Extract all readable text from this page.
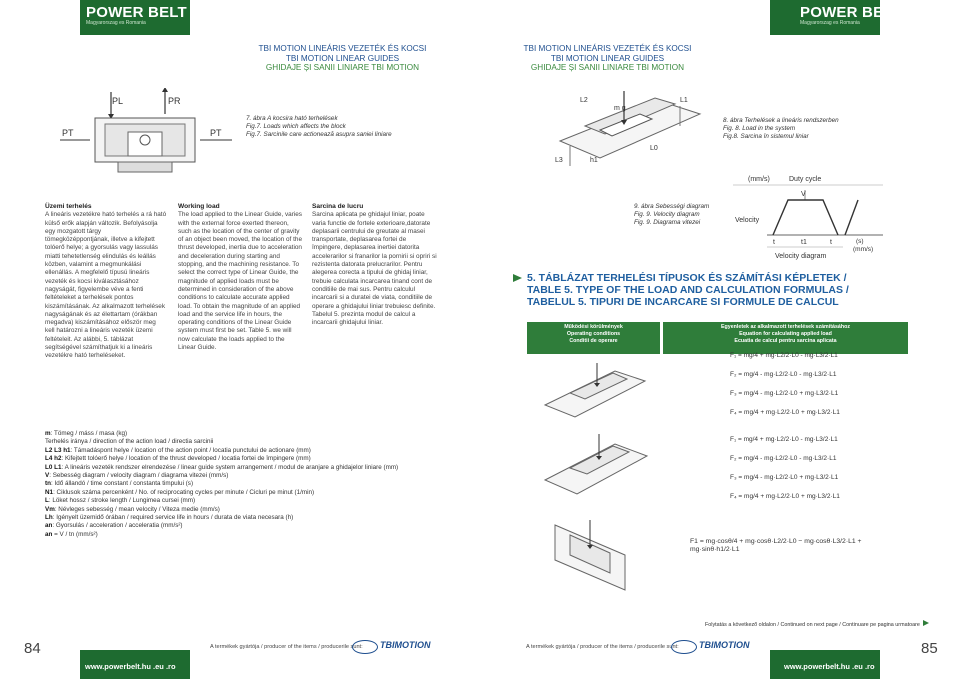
POWER BELT
Magyarorszag es Romania
POWER BELT
Magyarorszag es Romania
TBI MOTION LINEÁRIS VEZETÉK ÉS KOCSI
TBI MOTION LINEAR GUIDES
GHIDAJE ȘI SANII LINIARE TBI MOTION
TBI MOTION LINEÁRIS VEZETÉK ÉS KOCSI
TBI MOTION LINEAR GUIDES
GHIDAJE ȘI SANII LINIARE TBI MOTION
PL	PR
PT	PT
7. ábra A kocsira ható terhelések
Fig.7. Loads which affects the block
Fig.7. Sarcinile care actionează asupra saniei liniare
m g
L2	L1
L0
L3	h1
8. ábra Terhelések a lineáris rendszerben
Fig. 8. Load in the system
Fig.8. Sarcina în sistemul liniar
Üzemi terhelés
A lineáris vezetékre ható terhelés a rá ható külső erők alapján változik. Befolyásolja egy mozgatott tárgy tömegközéppontjának, illetve a kifejtett tolóerő helye; a gyorsulás vagy lassulás miatti tehetetlenség elindulás és leállás közben, valamint a megmunkálási ellenállás. A megfelelő típusú lineáris vezeték és kocsi kiválasztásához nagyságát, figyelembe véve a fenti feltételeket a terhelések pontos kiszámításának. Az alkalmazott terhelések nagyságának és az élettartam (órákban megadva) kiszámításához először meg kell határozni a lineáris vezeték üzemi feltételeit. Az alábbi, 5. táblázat segítségével számíthatjuk ki a lineáris vezetékre ható terheléseket.
Working load
The load applied to the Linear Guide, varies with the external force exerted thereon, such as the location of the center of gravity of an object been moved, the location of the thrust developed, inertia due to acceleration and deceleration during starting and stopping, and the machining resistance. To select the correct type of Linear Guide, the magnitude of applied loads must be determined in consideration of the above conditions to calculate accurate applied load. To obtain the magnitude of an applied load and the service life in hours, the operating conditions of the Linear Guide system must first be set. Table 5. we will now calculate the loads applied to the Linear Guide.
Sarcina de lucru
Sarcina aplicata pe ghidajul liniar, poate varia functie de fortele exterioare,datorate deplasarii centrului de greutate al masei transportate, deplasarea fortei de împingere, deplasarea inertiei datorita accelerarilor si franarilor la pornirii si opriri si rezistenta datorata prelucrarilor. Pentru alegerea corecta a tipului de ghidaj liniar, trebuie calculata incarcarea tinand cont de conditiile de mai sus. Pentru calculul incarcarii si a duratei de viata, conditiile de operare a ghidajului liniar trebuiesc definite. Tabelul 5. prezinta modul de calcul a incarcarii ghidajului liniar.
m: Tömeg / máss / masa (kg)
Terhelés iránya / direction of the action load / directia sarcinii
L2 L3 h1: Támadáspont helye / location of the action point / locatia punctului de actionare (mm)
L4 h2: Kifejtett tolóerő helye / location of the thrust developed / locatia fortei de împingere (mm)
L0 L1: A lineáris vezeték rendszer elrendezése / linear guide system arrangement / modul de aranjare a ghidajelor liniare (mm)
V: Sebesség diagram / velocity diagram / diagrama vitezei (mm/s)
tn: Idő állandó / time constant / constanta timpului (s)
N1: Ciklusok száma percenként / No. of reciprocating cycles per minute / Cicluri pe minut (1/min)
L: Löket hossz / stroke length / Lungimea cursei (mm)
Vm: Névleges sebesség / mean velocity / Viteza medie (mm/s)
Lh: Igényelt üzemidő órában / required service life in hours / durata de viata necesara (h)
an: Gyorsulás / acceleration / acceleratia (mm/s²)
an = V / tn (mm/s²)
9. ábra Sebességi diagram
Fig. 9. Velocity diagram
Fig. 9. Diagrama vitezei
(mm/s)	Duty cycle
V
Velocity
t	t1	t	(s)
(mm/s)
Velocity diagram
5. TÁBLÁZAT TERHELÉSI TÍPUSOK ÉS SZÁMÍTÁSI KÉPLETEK /
TABLE 5. TYPE OF THE LOAD AND CALCULATION FORMULAS /
TABELUL 5. TIPURI DE INCARCARE SI FORMULE DE CALCUL
Működési körülmények
Operating conditions
Conditii de operare
Egyenletek az alkalmazott terhelések számításához
Equation for calculating applied load
Ecuatia de calcul pentru sarcina aplicata
F₁ = mg/4 + mg·L2/2·L0 - mg·L3/2·L1
F₂ = mg/4 - mg·L2/2·L0 - mg·L3/2·L1
F₃ = mg/4 - mg·L2/2·L0 + mg·L3/2·L1
F₄ = mg/4 + mg·L2/2·L0 + mg·L3/2·L1
F₁ = mg/4 + mg·L2/2·L0 - mg·L3/2·L1
F₂ = mg/4 - mg·L2/2·L0 - mg·L3/2·L1
F₃ = mg/4 - mg·L2/2·L0 + mg·L3/2·L1
F₄ = mg/4 + mg·L2/2·L0 + mg·L3/2·L1
F1 = mg·cosθ/4 + mg·cosθ·L2/2·L0 − mg·cosθ·L3/2·L1 + mg·sinθ·h1/2·L1
Folytatás a következő oldalon / Continued on next page / Continuare pe pagina urmatoare
84	85
A termékek gyártója / producer of the items / producerile sunt:	A termékek gyártója / producer of the items / producerile sunt:
TBIMOTION	TBIMOTION
www.powerbelt.hu .eu .ro	www.powerbelt.hu .eu .ro
